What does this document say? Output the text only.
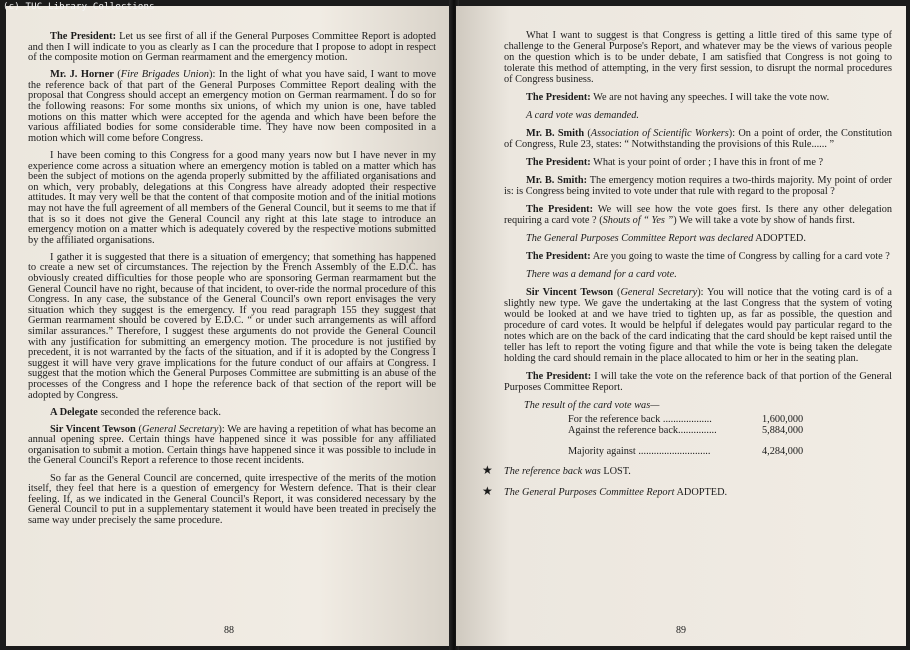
(c) TUC Library Collections

The President: Let us see first of all if the General Purposes Committee Report is adopted and then I will indicate to you as clearly as I can the procedure that I propose to adopt in respect of the composite motion on German rearmament and the emergency motion.

Mr. J. Horner (Fire Brigades Union): In the light of what you have said, I want to move the reference back of that part of the General Purposes Committee Report dealing with the proposal that Congress should accept an emergency motion on German rearmament. I do so for the following reasons: For some months six unions, of which my union is one, have tabled motions on this matter which were accepted for the agenda and which have been before the various affiliated bodies for some considerable time. They have now been composited in a motion which will come before Congress.

I have been coming to this Congress for a good many years now but I have never in my experience come across a situation where an emergency motion is tabled on a matter which has been the subject of motions on the agenda properly submitted by the affiliated organisations and on which, very probably, delegations at this Congress have already adopted their respective attitudes. It may very well be that the content of that composite motion and of the initial motions may not have the full agreement of all members of the General Council, but it seems to me that if that is so it does not give the General Council any right at this late stage to introduce an emergency motion on a matter which is adequately covered by the respective motions submitted by the affiliated organisations.

I gather it is suggested that there is a situation of emergency; that something has happened to create a new set of circumstances. The rejection by the French Assembly of the E.D.C. has obviously created difficulties for those people who are sponsoring German rearmament but the General Council have no right, because of that incident, to over-ride the normal procedure of this Congress. In any case, the substance of the General Council's own report envisages the very situation which they suggest is the emergency. If you read paragraph 155 they suggest that German rearmament should be covered by E.D.C. “ or under such arrangements as will afford similar assurances.” Therefore, I suggest these arguments do not provide the General Council with any justification for submitting an emergency motion. The procedure is not justified by precedent, it is not warranted by the facts of the situation, and if it is adopted by the Congress I suggest it will have very grave implications for the future conduct of our affairs at Congress. I suggest that the motion which the General Purposes Committee are submitting is an abuse of the processes of the Congress and I hope the reference back of that section of the report will be adopted by Congress.

A Delegate seconded the reference back.

Sir Vincent Tewson (General Secretary): We are having a repetition of what has become an annual opening spree. Certain things have happened since it was possible for any affiliated organisation to submit a motion. Certain things have happened since it was possible to include in the General Council's Report a reference to those recent incidents.

So far as the General Council are concerned, quite irrespective of the merits of the motion itself, they feel that here is a question of emergency for Western defence. That is their clear feeling. If, as we indicated in the General Council's Report, it was considered necessary by the General Council to put in a supplementary statement it would have been treated in precisely the same way under precisely the same procedure.

88

What I want to suggest is that Congress is getting a little tired of this same type of challenge to the General Purpose's Report, and whatever may be the views of various people on the question which is to be under debate, I am satisfied that Congress is not going to tolerate this method of attempting, in the very first session, to disrupt the normal procedures of Congress business.

The President: We are not having any speeches. I will take the vote now.

A card vote was demanded.

Mr. B. Smith (Association of Scientific Workers): On a point of order, the Constitution of Congress, Rule 23, states: “ Notwithstanding the provisions of this Rule...... ”

The President: What is your point of order ; I have this in front of me ?

Mr. B. Smith: The emergency motion requires a two-thirds majority. My point of order is: is Congress being invited to vote under that rule with regard to the proposal ?

The President: We will see how the vote goes first. Is there any other delegation requiring a card vote ? (Shouts of “ Yes ”) We will take a vote by show of hands first.

The General Purposes Committee Report was declared ADOPTED.

The President: Are you going to waste the time of Congress by calling for a card vote ?

There was a demand for a card vote.

Sir Vincent Tewson (General Secretary): You will notice that the voting card is of a slightly new type. We gave the undertaking at the last Congress that the system of voting would be looked at and we have tried to tighten up, as far as possible, the question and procedure of card votes. It would be helpful if delegates would pay particular regard to the notes which are on the back of the card indicating that the card should be kept raised until the teller has left to report the voting figure and that while the vote is being taken the delegate holding the card should remain in the place allocated to him or her in the seating plan.

The President: I will take the vote on the reference back of that portion of the General Purposes Committee Report.

The result of the card vote was—
For the reference back ...................	1,600,000
Against the reference back...............	5,884,000
Majority against ............................	4,284,000
★	The reference back was LOST.
★	The General Purposes Committee Report ADOPTED.
89
